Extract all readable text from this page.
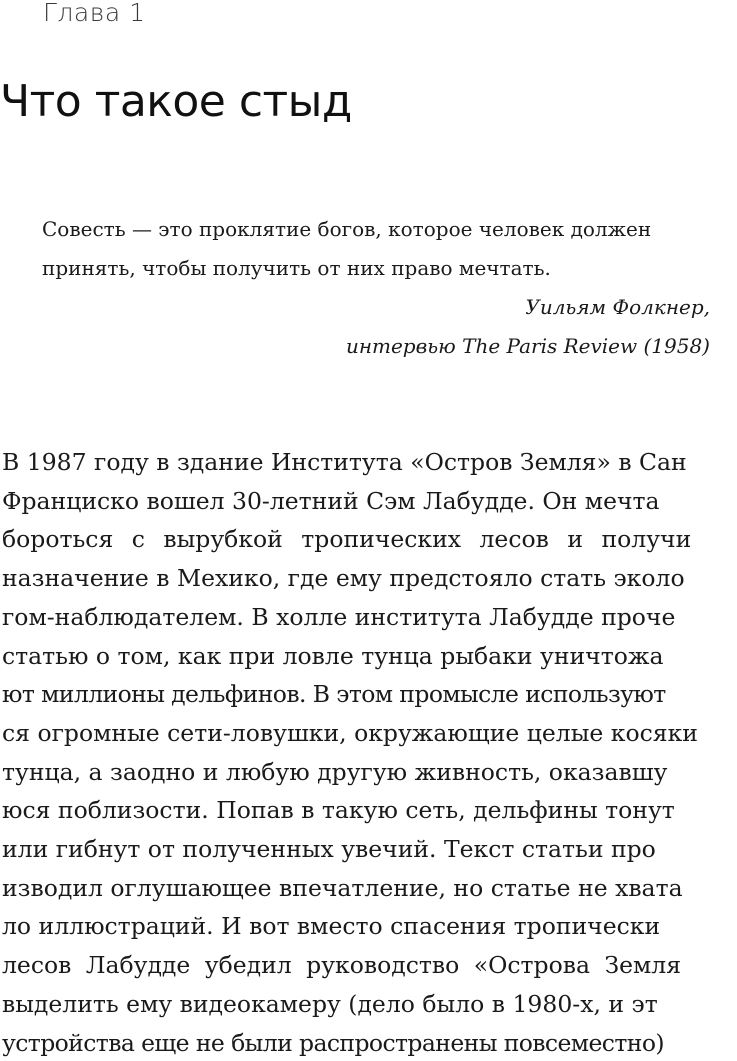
Глава 1
Что такое стыд

Совесть — это проклятие богов, которое человек должен
принять, чтобы получить от них право мечтать.

Уильям Фолкнер,
интервью The Paris Review (1958)

В 1987 году в здание Института «Остров Земля» в Сан
Франциско вошел 30-летний Сэм Лабудде. Он мечта
бороться с вырубкой тропических лесов и получи
назначение в Мехико, где ему предстояло стать эколо
гом-наблюдателем. В холле института Лабудде проче
статью о том, как при ловле тунца рыбаки уничтожа
ют миллионы дельфинов. В этом промысле используют
ся огромные сети-ловушки, окружающие целые косяки
тунца, а заодно и любую другую живность, оказавшу
юся поблизости. Попав в такую сеть, дельфины тонут
или гибнут от полученных увечий. Текст статьи про
изводил оглушающее впечатление, но статье не хвата
ло иллюстраций. И вот вместо спасения тропически
лесов Лабудде убедил руководство «Острова Земля
выделить ему видеокамеру (дело было в 1980-х, и эт
устройства еще не были распространены повсеместно)
